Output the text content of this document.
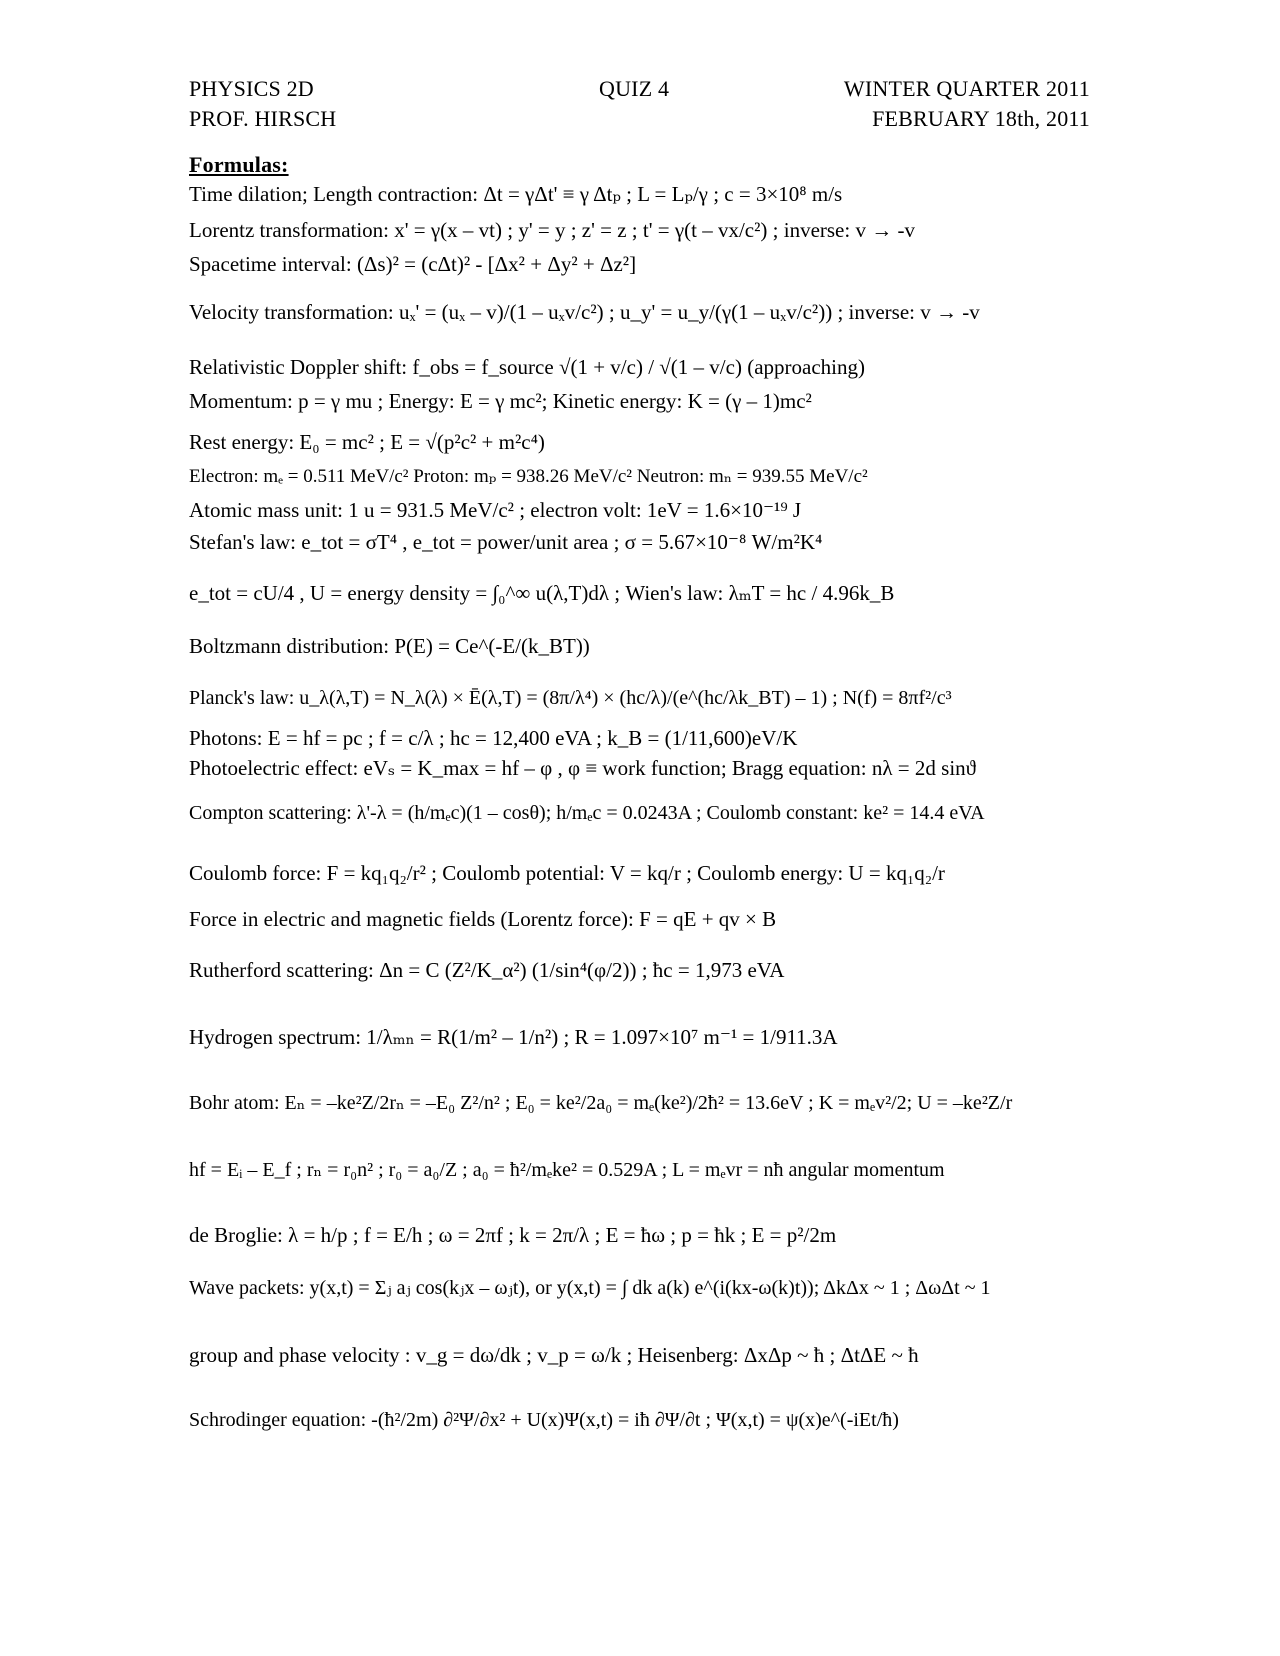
PHYSICS 2D
PROF. HIRSCH
QUIZ 4	WINTER QUARTER 2011
FEBRUARY 18th, 2011
Formulas:
Time dilation; Length contraction: Δt = γΔt' ≡ γ Δtₚ ; L = Lₚ/γ ; c = 3×10⁸ m/s
Lorentz transformation: x' = γ(x – vt) ; y' = y ; z' = z ; t' = γ(t – vx/c²) ; inverse: v → -v
Spacetime interval: (Δs)² = (cΔt)² - [Δx² + Δy² + Δz²]
Velocity transformation: uₓ' = (uₓ – v)/(1 – uₓv/c²) ; u_y' = u_y/(γ(1 – uₓv/c²)) ; inverse: v → -v
Relativistic Doppler shift: f_obs = f_source √(1 + v/c) / √(1 – v/c) (approaching)
Momentum: p = γ mu ; Energy: E = γ mc²; Kinetic energy: K = (γ – 1)mc²
Rest energy: E₀ = mc² ; E = √(p²c² + m²c⁴)
Electron: mₑ = 0.511 MeV/c² Proton: mₚ = 938.26 MeV/c² Neutron: mₙ = 939.55 MeV/c²
Atomic mass unit: 1 u = 931.5 MeV/c² ; electron volt: 1eV = 1.6×10⁻¹⁹ J
Stefan's law: e_tot = σT⁴ , e_tot = power/unit area ; σ = 5.67×10⁻⁸ W/m²K⁴
e_tot = cU/4 , U = energy density = ∫₀^∞ u(λ,T)dλ ; Wien's law: λₘT = hc / 4.96k_B
Boltzmann distribution: P(E) = Ce^(-E/(k_BT))
Planck's law: u_λ(λ,T) = N_λ(λ) × Ē(λ,T) = (8π/λ⁴) × (hc/λ)/(e^(hc/λk_BT) – 1) ; N(f) = 8πf²/c³
Photons: E = hf = pc ; f = c/λ ; hc = 12,400 eVA ; k_B = (1/11,600)eV/K
Photoelectric effect: eVₛ = K_max = hf – φ , φ ≡ work function; Bragg equation: nλ = 2d sinϑ
Compton scattering: λ'-λ = (h/mₑc)(1 – cosθ); h/mₑc = 0.0243A ; Coulomb constant: ke² = 14.4 eVA
Coulomb force: F = kq₁q₂/r² ; Coulomb potential: V = kq/r ; Coulomb energy: U = kq₁q₂/r
Force in electric and magnetic fields (Lorentz force): F = qE + qv × B
Rutherford scattering: Δn = C (Z²/K_α²) (1/sin⁴(φ/2)) ; ħc = 1,973 eVA
Hydrogen spectrum: 1/λₘₙ = R(1/m² – 1/n²) ; R = 1.097×10⁷ m⁻¹ = 1/911.3A
Bohr atom: Eₙ = –ke²Z/2rₙ = –E₀ Z²/n² ; E₀ = ke²/2a₀ = mₑ(ke²)/2ħ² = 13.6eV ; K = mₑv²/2; U = –ke²Z/r
hf = Eᵢ – E_f ; rₙ = r₀n² ; r₀ = a₀/Z ; a₀ = ħ²/mₑke² = 0.529A ; L = mₑvr = nħ angular momentum
de Broglie: λ = h/p ; f = E/h ; ω = 2πf ; k = 2π/λ ; E = ħω ; p = ħk ; E = p²/2m
Wave packets: y(x,t) = Σⱼ aⱼ cos(kⱼx – ωⱼt), or y(x,t) = ∫ dk a(k) e^(i(kx-ω(k)t)); ΔkΔx ~ 1 ; ΔωΔt ~ 1
group and phase velocity : v_g = dω/dk ; v_p = ω/k ; Heisenberg: ΔxΔp ~ ħ ; ΔtΔE ~ ħ
Schrodinger equation: -(ħ²/2m) ∂²Ψ/∂x² + U(x)Ψ(x,t) = iħ ∂Ψ/∂t ; Ψ(x,t) = ψ(x)e^(-iEt/ħ)
